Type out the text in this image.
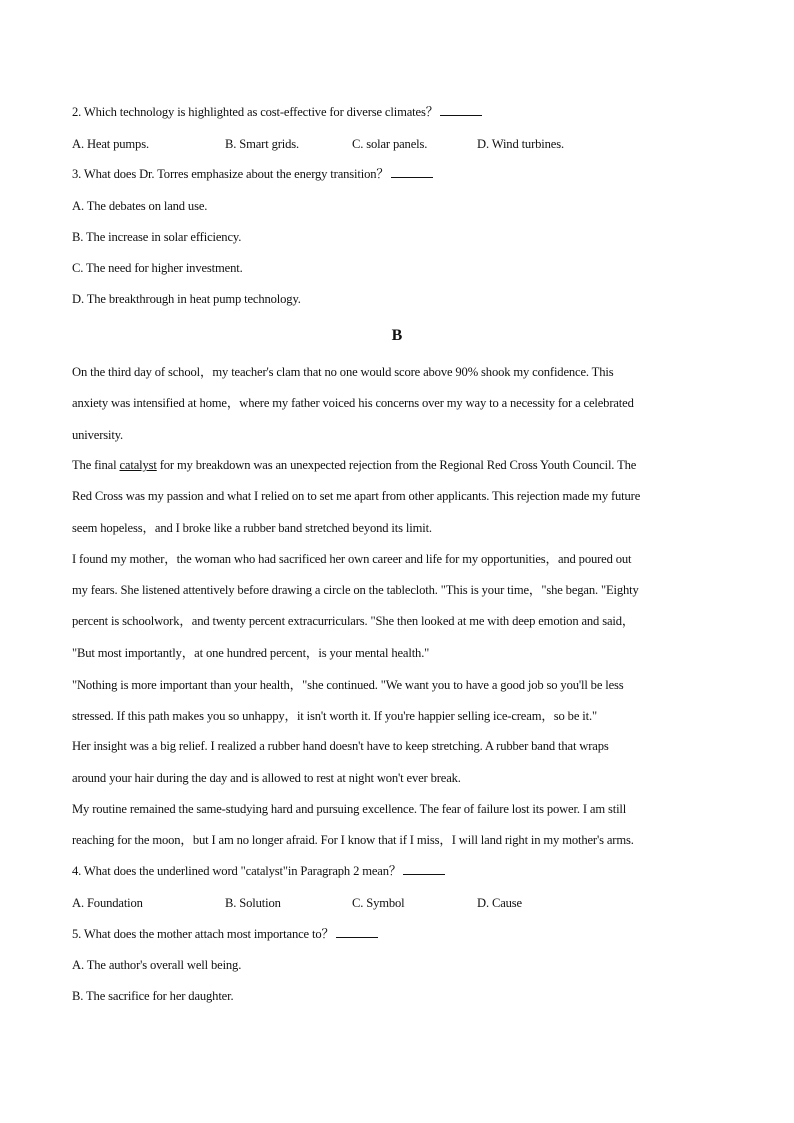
2. Which technology is highlighted as cost-effective for diverse climates？
A. Heat pumps.	B. Smart grids.	C. solar panels.	D. Wind turbines.
3. What does Dr. Torres emphasize about the energy transition？
A. The debates on land use.
B. The increase in solar efficiency.
C. The need for higher investment.
D. The breakthrough in heat pump technology.
B
On the third day of school，my teacher's clam that no one would score above 90% shook my confidence. This
anxiety was intensified at home，where my father voiced his concerns over my way to a necessity for a celebrated
university.
The final catalyst for my breakdown was an unexpected rejection from the Regional Red Cross Youth Council. The
Red Cross was my passion and what I relied on to set me apart from other applicants. This rejection made my future
seem hopeless，and I broke like a rubber band stretched beyond its limit.
I found my mother，the woman who had sacrificed her own career and life for my opportunities，and poured out
my fears. She listened attentively before drawing a circle on the tablecloth. "This is your time，"she began. "Eighty
percent is schoolwork，and twenty percent extracurriculars. "She then looked at me with deep emotion and said，
"But most importantly，at one hundred percent，is your mental health."
"Nothing is more important than your health，"she continued. "We want you to have a good job so you'll be less
stressed. If this path makes you so unhappy，it isn't worth it. If you're happier selling ice-cream，so be it."
Her insight was a big relief. I realized a rubber hand doesn't have to keep stretching. A rubber band that wraps
around your hair during the day and is allowed to rest at night won't ever break.
My routine remained the same-studying hard and pursuing excellence. The fear of failure lost its power. I am still
reaching for the moon，but I am no longer afraid. For I know that if I miss，I will land right in my mother's arms.
4. What does the underlined word "catalyst"in Paragraph 2 mean？
A. Foundation	B. Solution	C. Symbol	D. Cause
5. What does the mother attach most importance to？
A. The author's overall well being.
B. The sacrifice for her daughter.
